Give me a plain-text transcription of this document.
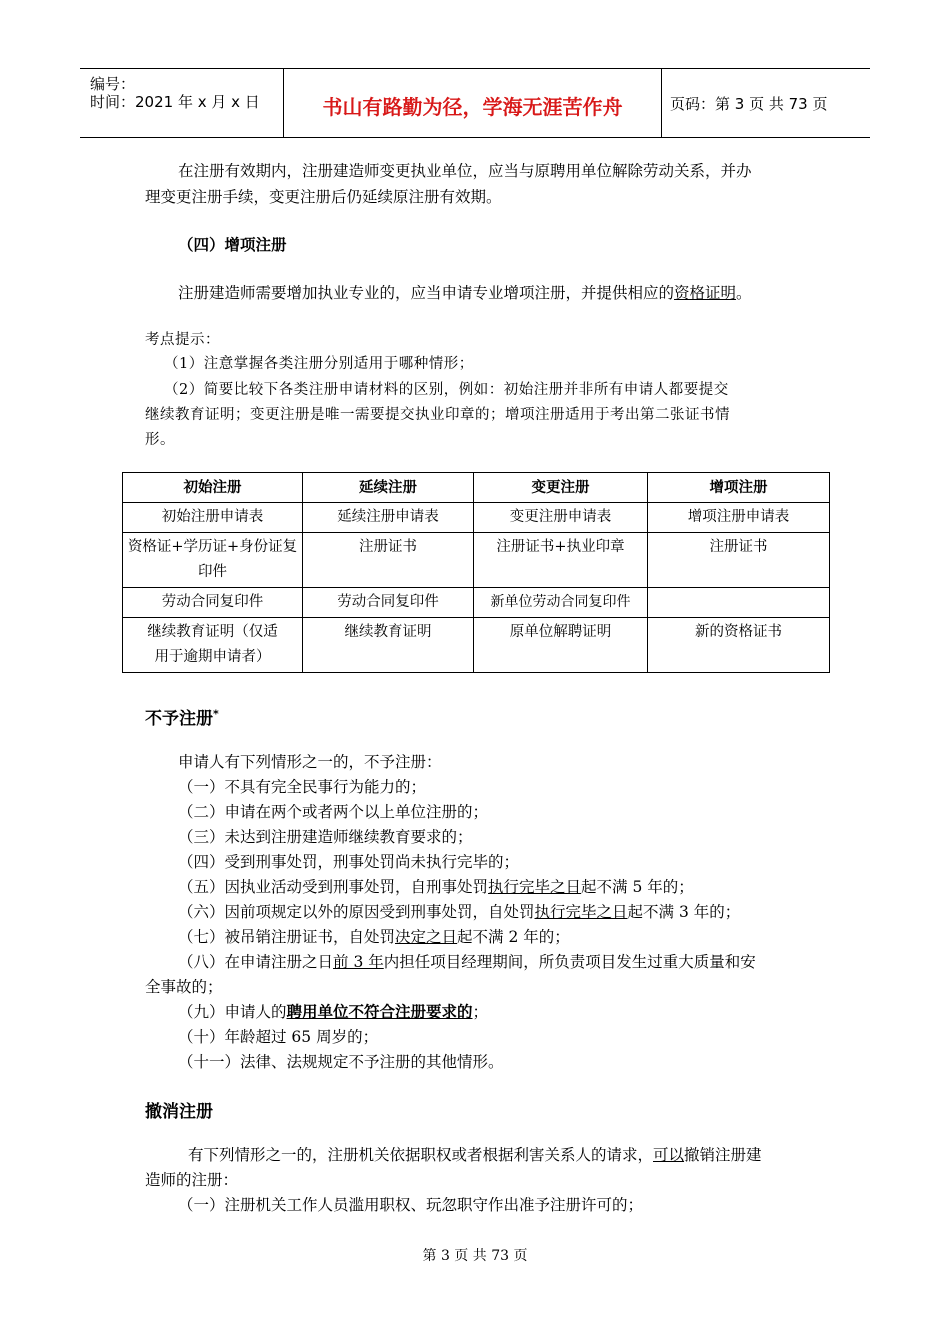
编号：
时间：2021 年 x 月 x 日	书山有路勤为径，学海无涯苦作舟	页码：第 3 页 共 73 页
在注册有效期内，注册建造师变更执业单位，应当与原聘用单位解除劳动关系，并办
理变更注册手续，变更注册后仍延续原注册有效期。
（四）增项注册
注册建造师需要增加执业专业的，应当申请专业增项注册，并提供相应的资格证明。
考点提示：
（1）注意掌握各类注册分别适用于哪种情形；
（2）简要比较下各类注册申请材料的区别，例如：初始注册并非所有申请人都要提交
继续教育证明；变更注册是唯一需要提交执业印章的；增项注册适用于考出第二张证书情
形。
初始注册	延续注册	变更注册	增项注册
初始注册申请表	延续注册申请表	变更注册申请表	增项注册申请表
资格证+学历证+身份证复印件	注册证书	注册证书+执业印章	注册证书
劳动合同复印件	劳动合同复印件	新单位劳动合同复印件	
继续教育证明（仅适用于逾期申请者）	继续教育证明	原单位解聘证明	新的资格证书
不予注册*
申请人有下列情形之一的，不予注册：
（一）不具有完全民事行为能力的；
（二）申请在两个或者两个以上单位注册的；
（三）未达到注册建造师继续教育要求的；
（四）受到刑事处罚，刑事处罚尚未执行完毕的；
（五）因执业活动受到刑事处罚，自刑事处罚执行完毕之日起不满 5 年的；
（六）因前项规定以外的原因受到刑事处罚，自处罚执行完毕之日起不满 3 年的；
（七）被吊销注册证书，自处罚决定之日起不满 2 年的；
（八）在申请注册之日前 3 年内担任项目经理期间，所负责项目发生过重大质量和安
全事故的；
（九）申请人的聘用单位不符合注册要求的；
（十）年龄超过 65 周岁的；
（十一）法律、法规规定不予注册的其他情形。
撤消注册
有下列情形之一的，注册机关依据职权或者根据利害关系人的请求，可以撤销注册建
造师的注册：
（一）注册机关工作人员滥用职权、玩忽职守作出准予注册许可的；
第 3 页 共 73 页
